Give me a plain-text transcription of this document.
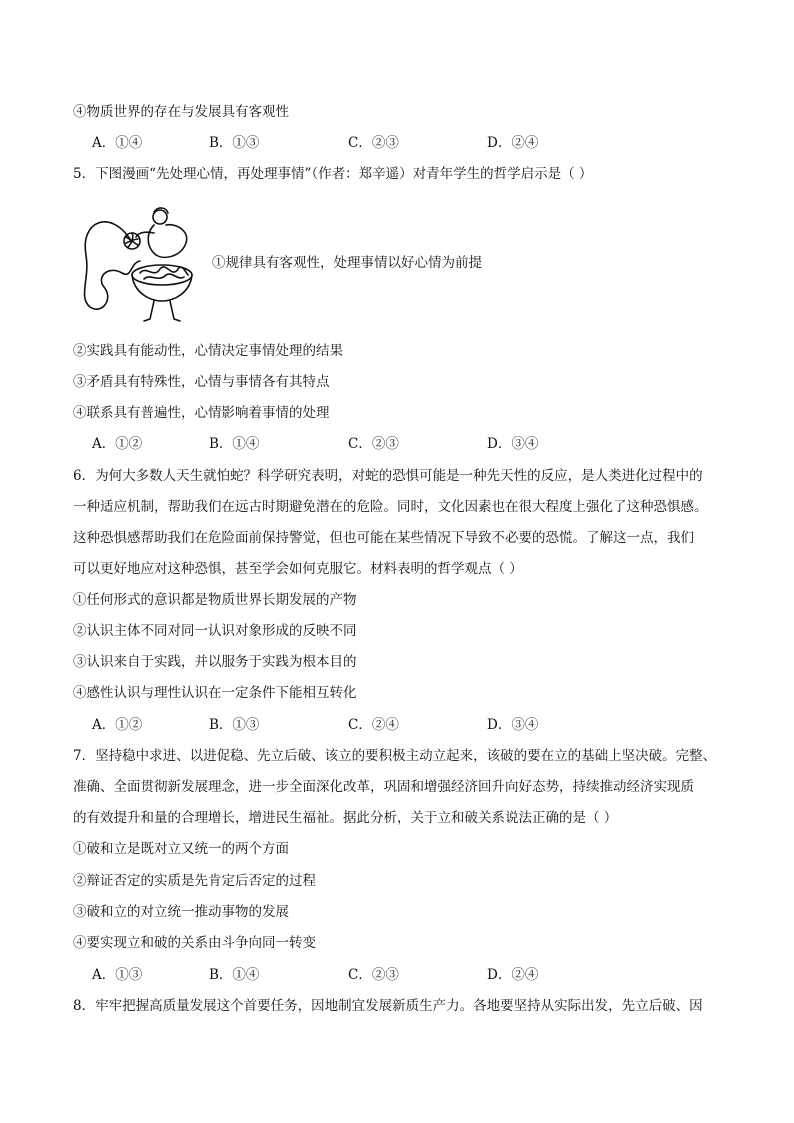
④物质世界的存在与发展具有客观性
A．①④	B．①③	C．②③	D．②④
5．下图漫画“先处理心情，再处理事情”（作者：郑辛遥）对青年学生的哲学启示是（ ）
①规律具有客观性，处理事情以好心情为前提
②实践具有能动性，心情决定事情处理的结果
③矛盾具有特殊性，心情与事情各有其特点
④联系具有普遍性，心情影响着事情的处理
A．①②	B．①④	C．②③	D．③④
6．为何大多数人天生就怕蛇？科学研究表明，对蛇的恐惧可能是一种先天性的反应，是人类进化过程中的
一种适应机制，帮助我们在远古时期避免潜在的危险。同时，文化因素也在很大程度上强化了这种恐惧感。
这种恐惧感帮助我们在危险面前保持警觉，但也可能在某些情况下导致不必要的恐慌。了解这一点，我们
可以更好地应对这种恐惧，甚至学会如何克服它。材料表明的哲学观点（ ）
①任何形式的意识都是物质世界长期发展的产物
②认识主体不同对同一认识对象形成的反映不同
③认识来自于实践，并以服务于实践为根本目的
④感性认识与理性认识在一定条件下能相互转化
A．①②	B．①③	C．②④	D．③④
7．坚持稳中求进、以进促稳、先立后破、该立的要积极主动立起来，该破的要在立的基础上坚决破。完整、
准确、全面贯彻新发展理念，进一步全面深化改革，巩固和增强经济回升向好态势，持续推动经济实现质
的有效提升和量的合理增长，增进民生福祉。据此分析，关于立和破关系说法正确的是（ ）
①破和立是既对立又统一的两个方面
②辩证否定的实质是先肯定后否定的过程
③破和立的对立统一推动事物的发展
④要实现立和破的关系由斗争向同一转变
A．①③	B．①④	C．②③	D．②④
8．牢牢把握高质量发展这个首要任务，因地制宜发展新质生产力。各地要坚持从实际出发，先立后破、因
